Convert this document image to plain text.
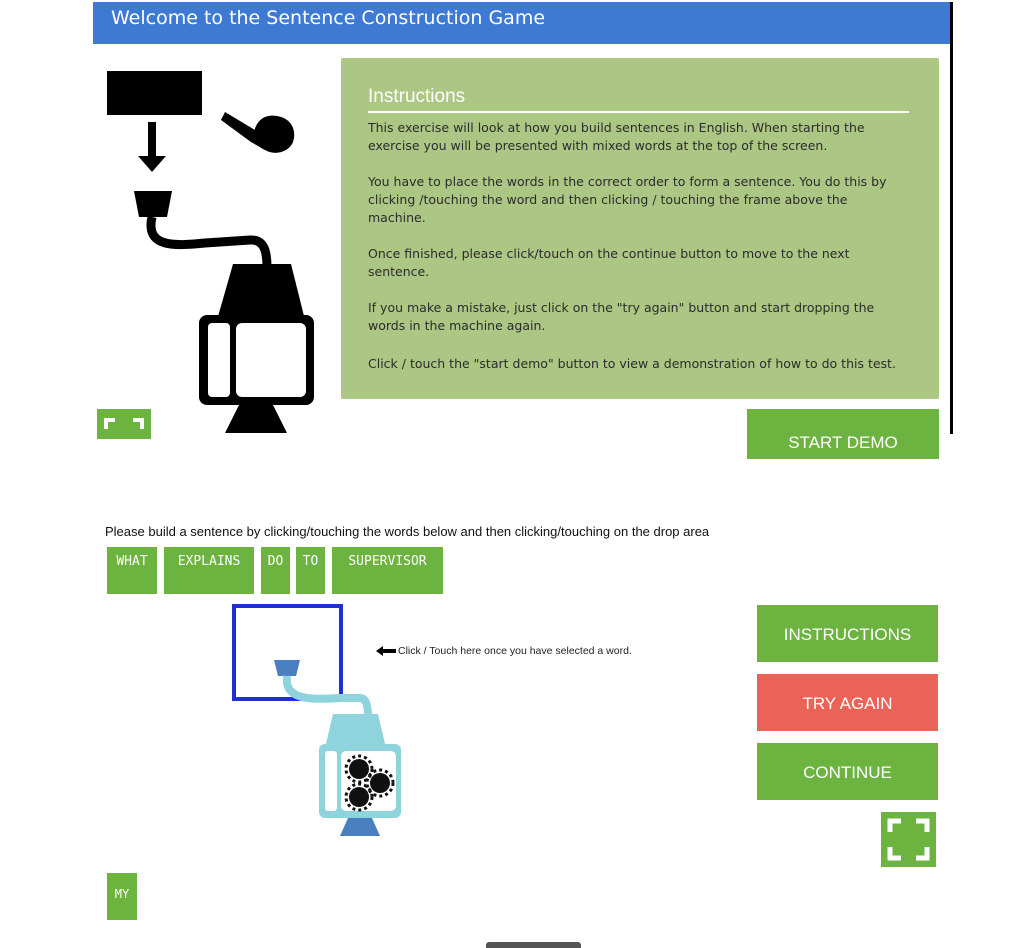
Welcome to the Sentence Construction Game
Instructions

This exercise will look at how you build sentences in English. When starting the exercise you will be presented with mixed words at the top of the screen.

You have to place the words in the correct order to form a sentence. You do this by clicking /touching the word and then clicking / touching the frame above the machine.

Once finished, please click/touch on the continue button to move to the next sentence.

If you make a mistake, just click on the "try again" button and start dropping the words in the machine again.

Click / touch the "start demo" button to view a demonstration of how to do this test.

START DEMO
Please build a sentence by clicking/touching the words below and then clicking/touching on the drop area
WHAT	EXPLAINS	DO	TO	SUPERVISOR
Click / Touch here once you have selected a word.
INSTRUCTIONS
TRY AGAIN
CONTINUE
MY
